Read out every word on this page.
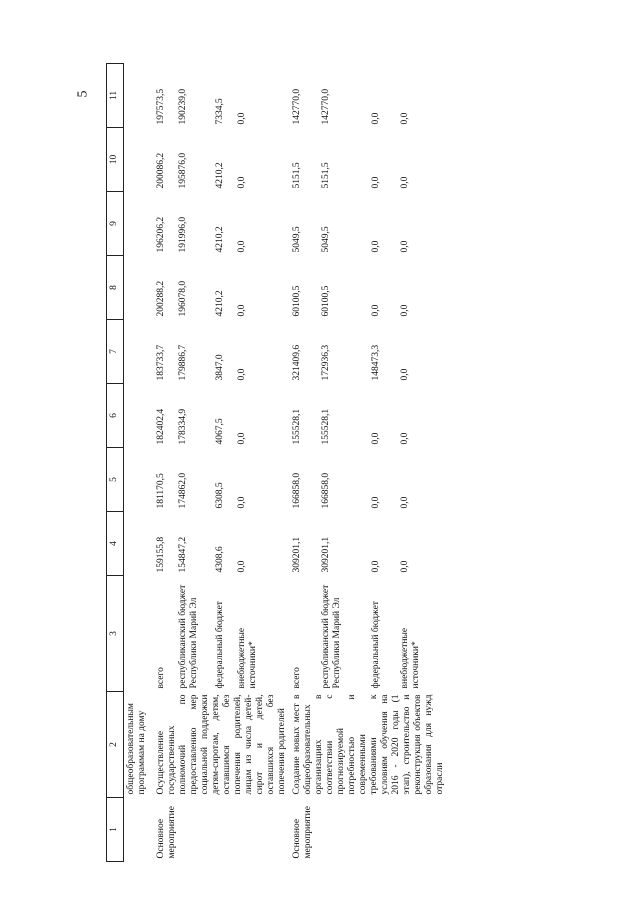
5
1	2	3	4	5	6	7	8	9	10	11
	общеобразовательным программам на дому									
Основное мероприятие	Осуществление государственных полномочий по предоставлению мер социальной поддержки детям-сиротам, детям, оставшимся без попечения родителей, лицам из числа детей-сирот и детей, оставшихся без попечения родителей	всего	159155,8	181170,5	182402,4	183733,7	200288,2	196206,2	200086,2	197573,5
		республиканский бюджет Республики Марий Эл	154847,2	174862,0	178334,9	179886,7	196078,0	191996,0	195876,0	190239,0
		федеральный бюджет	4308,6	6308,5	4067,5	3847,0	4210,2	4210,2	4210,2	7334,5
		внебюджетные источники*	0,0	0,0	0,0	0,0	0,0	0,0	0,0	0,0
Основное мероприятие	Создание новых мест в общеобразовательных организациях в соответствии с прогнозируемой потребностью и современными требованиями к условиям обучения на 2016 - 2020 годы (1 этап), строительство и реконструкция объектов образования для нужд отрасли	всего	309201,1	166858,0	155528,1	321409,6	60100,5	5049,5	5151,5	142770,0
		республиканский бюджет Республики Марий Эл	309201,1	166858,0	155528,1	172936,3	60100,5	5049,5	5151,5	142770,0
		федеральный бюджет	0,0	0,0	0,0	148473,3	0,0	0,0	0,0	0,0
		внебюджетные источники*	0,0	0,0	0,0	0,0	0,0	0,0	0,0	0,0
